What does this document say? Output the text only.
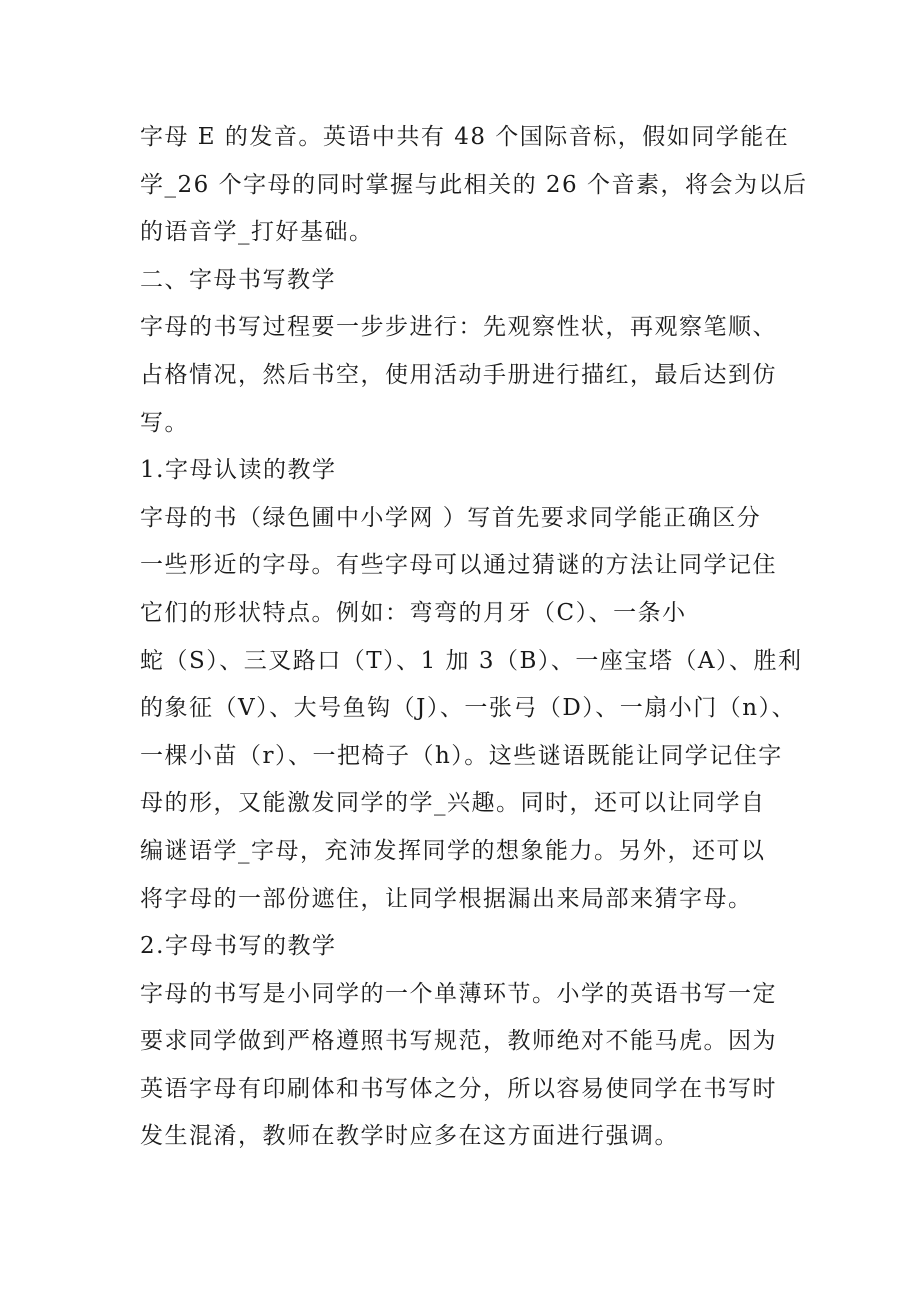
字母 E 的发音。英语中共有 48 个国际音标，假如同学能在
学_26 个字母的同时掌握与此相关的 26 个音素，将会为以后
的语音学_打好基础。
二、字母书写教学
字母的书写过程要一步步进行：先观察性状，再观察笔顺、
占格情况，然后书空，使用活动手册进行描红，最后达到仿
写。
1.字母认读的教学
字母的书（绿色圃中小学网 ）写首先要求同学能正确区分
一些形近的字母。有些字母可以通过猜谜的方法让同学记住
它们的形状特点。例如：弯弯的月牙（C）、一条小
蛇（S）、三叉路口（T）、1 加 3（B）、一座宝塔（A）、胜利
的象征（V）、大号鱼钩（J）、一张弓（D）、一扇小门（n）、
一棵小苗（r）、一把椅子（h）。这些谜语既能让同学记住字
母的形，又能激发同学的学_兴趣。同时，还可以让同学自
编谜语学_字母，充沛发挥同学的想象能力。另外，还可以
将字母的一部份遮住，让同学根据漏出来局部来猜字母。
2.字母书写的教学
字母的书写是小同学的一个单薄环节。小学的英语书写一定
要求同学做到严格遵照书写规范，教师绝对不能马虎。因为
英语字母有印刷体和书写体之分，所以容易使同学在书写时
发生混淆，教师在教学时应多在这方面进行强调。
